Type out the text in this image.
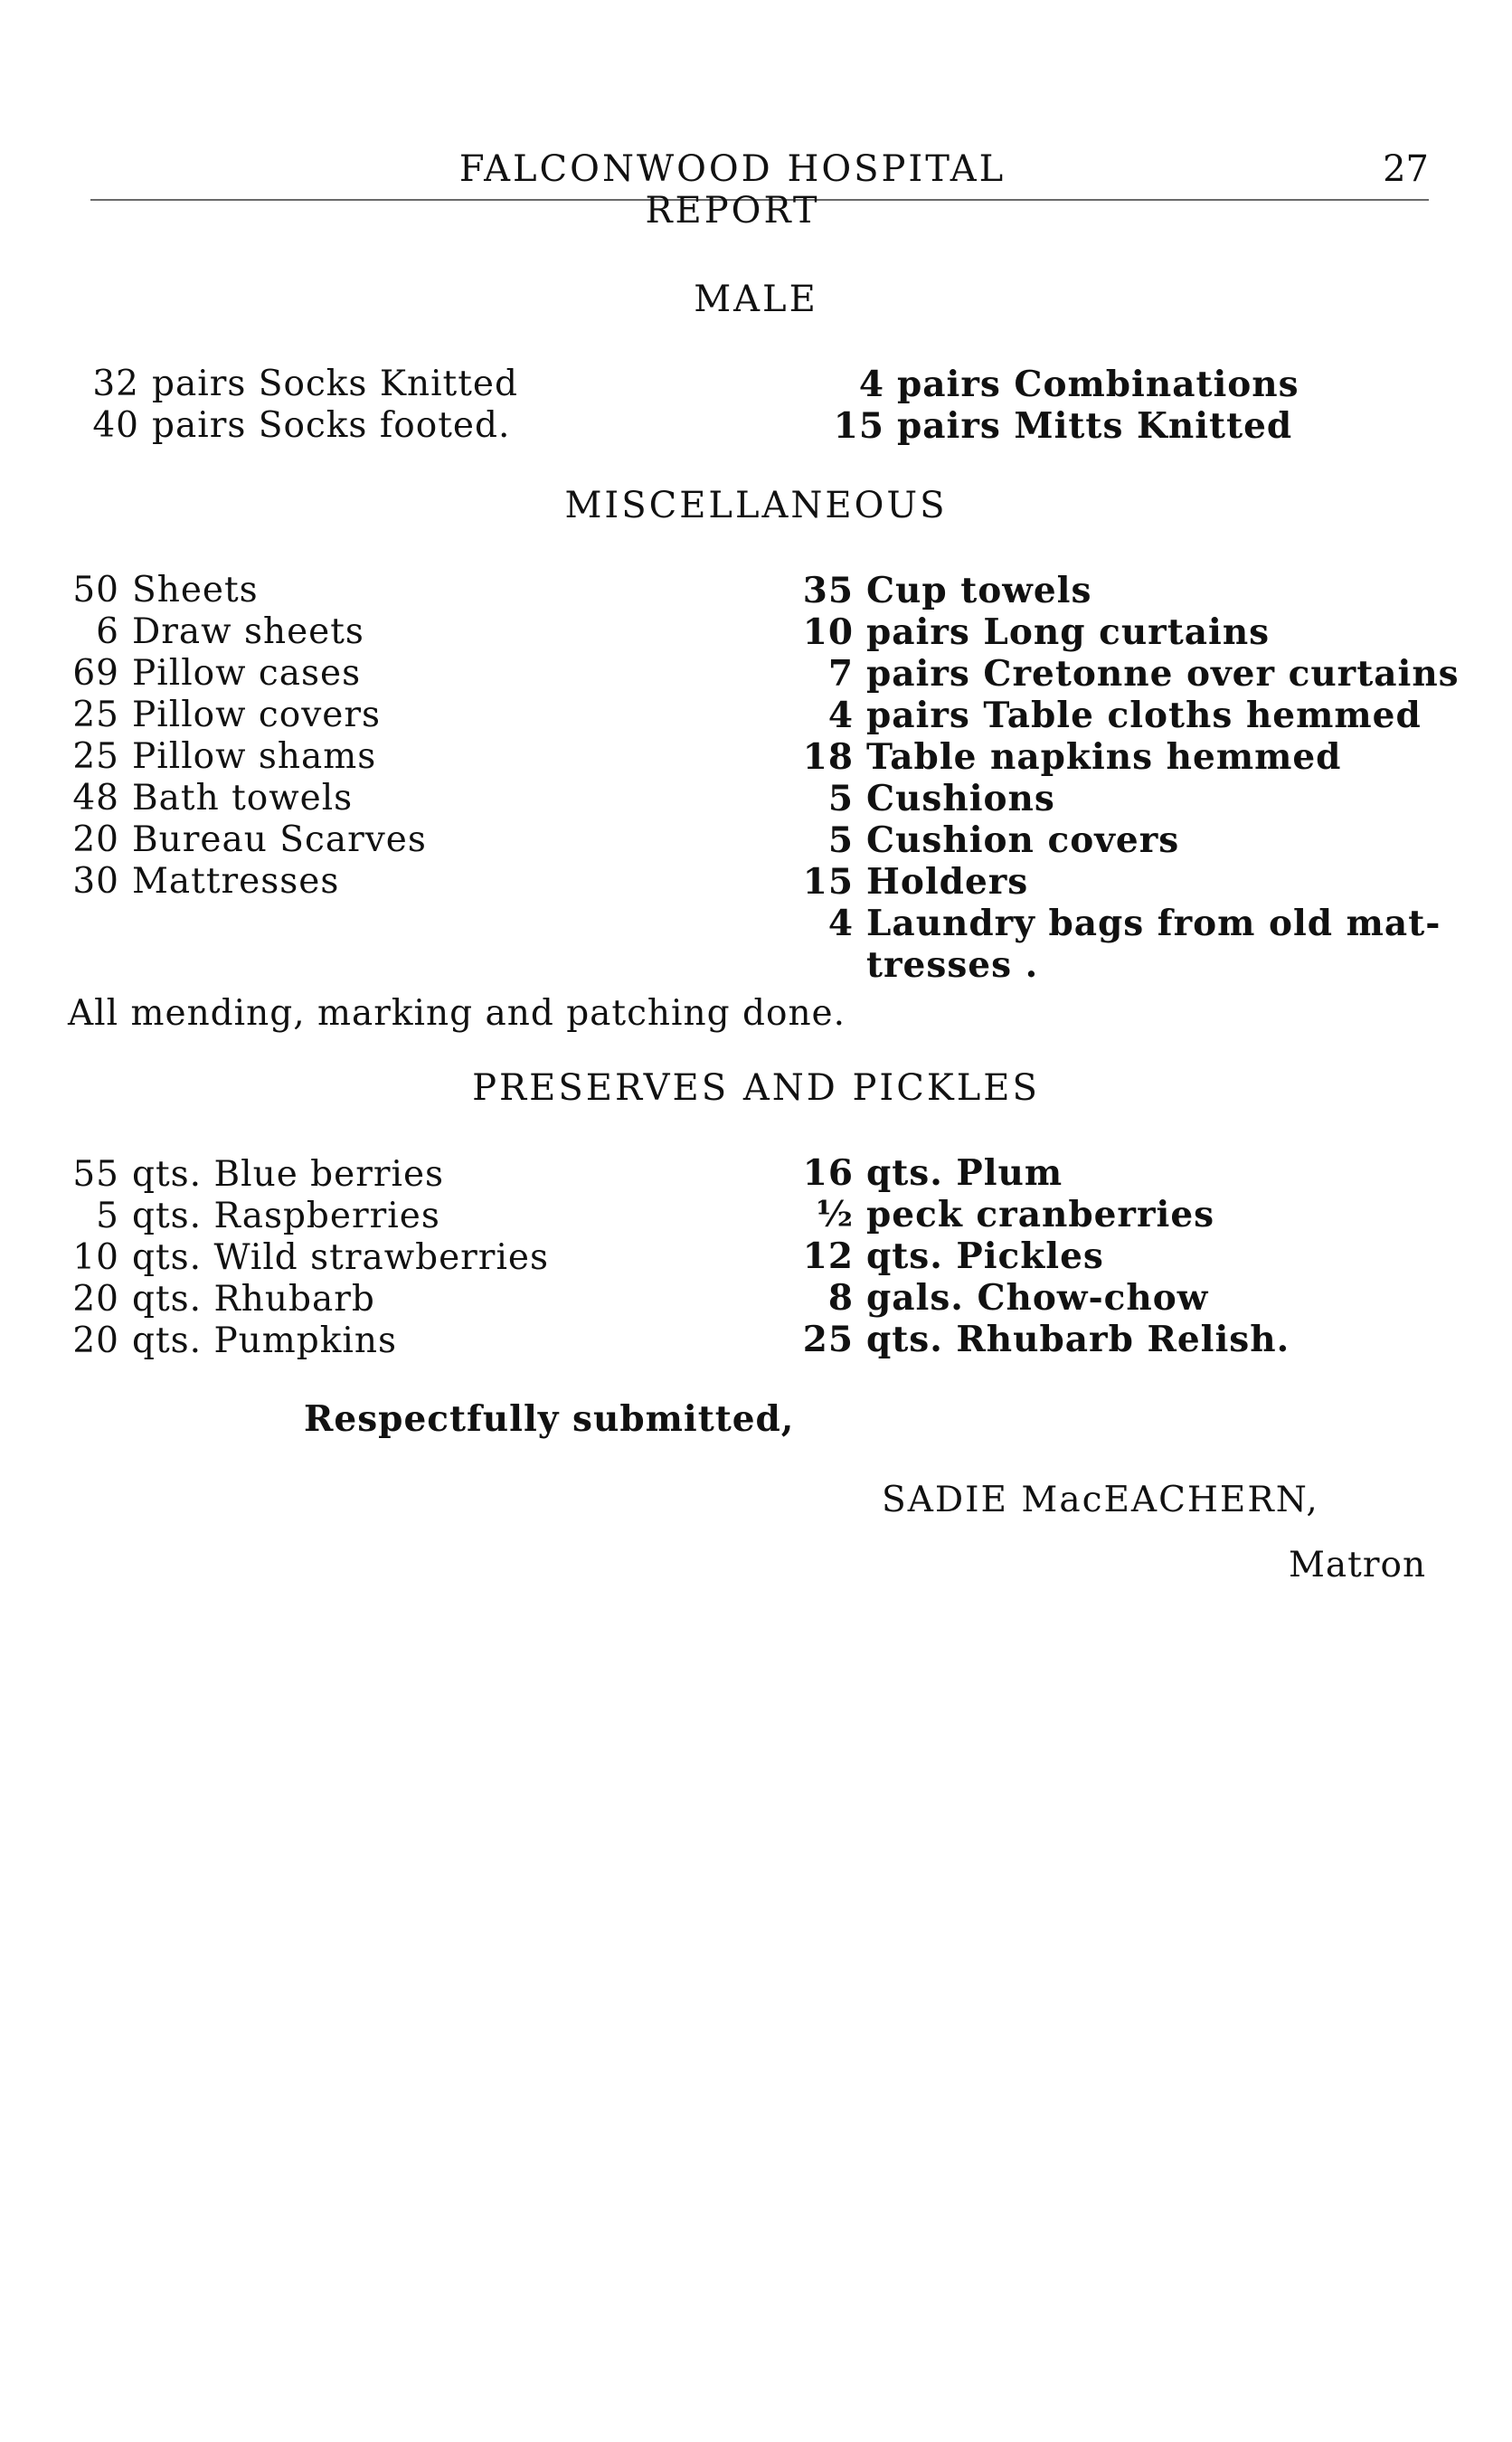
FALCONWOOD HOSPITAL REPORT
27
MALE
32 pairs Socks Knitted
40 pairs Socks footed.
4 pairs Combinations
15 pairs Mitts Knitted
MISCELLANEOUS
50 Sheets
6 Draw sheets
69 Pillow cases
25 Pillow covers
25 Pillow shams
48 Bath towels
20 Bureau Scarves
30 Mattresses
35 Cup towels
10 pairs Long curtains
7 pairs Cretonne over curtains
4 pairs Table cloths hemmed
18 Table napkins hemmed
5 Cushions
5 Cushion covers
15 Holders
4 Laundry bags from old mat-
tresses .
All mending, marking and patching done.
PRESERVES AND PICKLES
55 qts. Blue berries
5 qts. Raspberries
10 qts. Wild strawberries
20 qts. Rhubarb
20 qts. Pumpkins
16 qts. Plum
½ peck cranberries
12 qts. Pickles
8 gals. Chow-chow
25 qts. Rhubarb Relish.
Respectfully submitted,
SADIE MacEACHERN,
Matron
